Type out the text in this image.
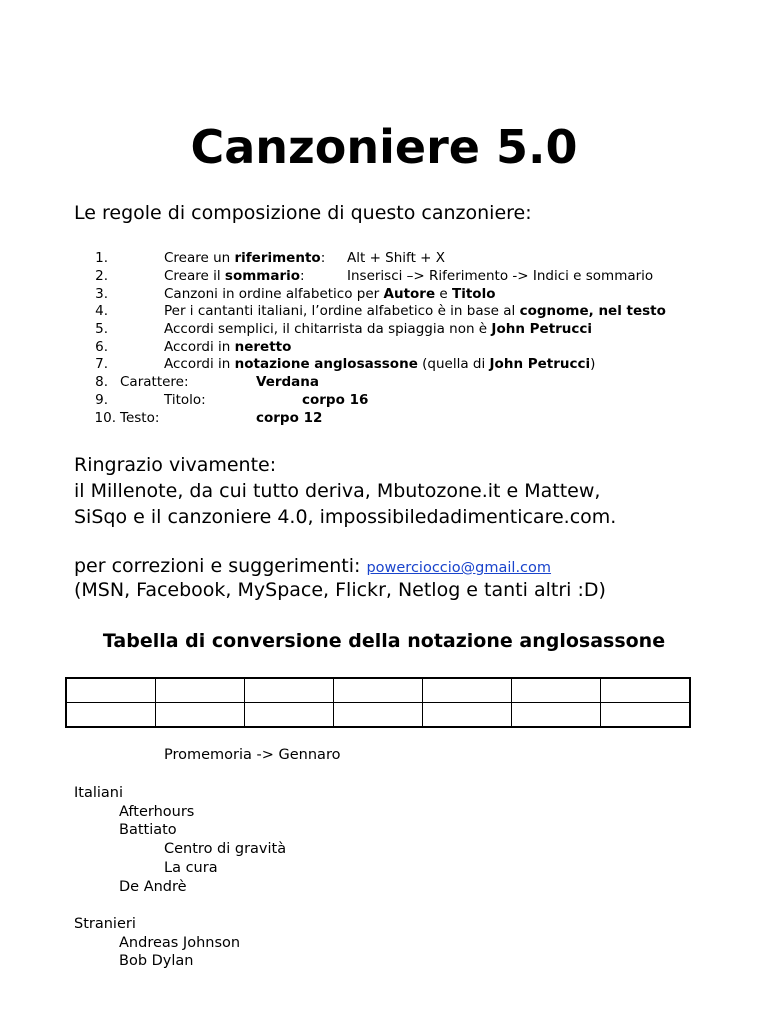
Canzoniere 5.0
Le regole di composizione di questo canzoniere:
1.	Creare un riferimento: Alt + Shift + X
2.	Creare il sommario:	Inserisci –> Riferimento -> Indici e sommario
3.	Canzoni in ordine alfabetico per Autore e Titolo
4.	Per i cantanti italiani, l’ordine alfabetico è in base al cognome, nel testo
5.	Accordi semplici, il chitarrista da spiaggia non è John Petrucci
6.	Accordi in neretto
7.	Accordi in notazione anglosassone (quella di John Petrucci)
8. Carattere:	Verdana
9.	Titolo:	corpo 16
10. Testo:	corpo 12
Ringrazio vivamente:
il Millenote, da cui tutto deriva, Mbutozone.it e Mattew,
SiSqo e il canzoniere 4.0, impossibiledadimenticare.com.
per correzioni e suggerimenti: powercioccio@gmail.com
(MSN, Facebook, MySpace, Flickr, Netlog e tanti altri :D)
Tabella di conversione della notazione anglosassone

Promemoria -> Gennaro
Italiani
Afterhours
Battiato
Centro di gravità
La cura
De Andrè
Stranieri
Andreas Johnson
Bob Dylan
